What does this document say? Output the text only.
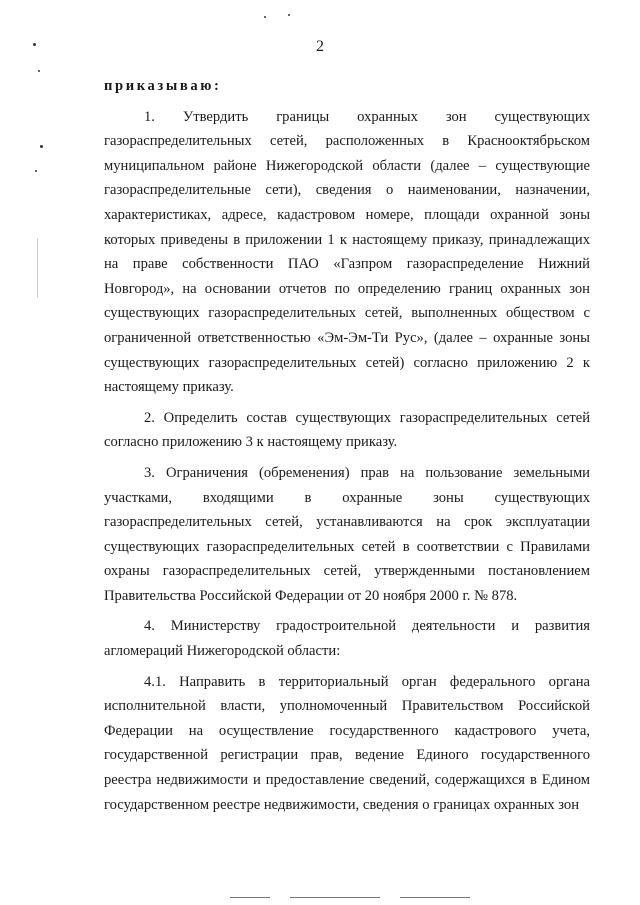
2

приказываю:

1. Утвердить границы охранных зон существующих газораспределительных сетей, расположенных в Краснооктябрьском муниципальном районе Нижегородской области (далее – существующие газораспределительные сети), сведения о наименовании, назначении, характеристиках, адресе, кадастровом номере, площади охранной зоны которых приведены в приложении 1 к настоящему приказу, принадлежащих на праве собственности ПАО «Газпром газораспределение Нижний Новгород», на основании отчетов по определению границ охранных зон существующих газораспределительных сетей, выполненных обществом с ограниченной ответственностью «Эм-Эм-Ти Рус», (далее – охранные зоны существующих газораспределительных сетей) согласно приложению 2 к настоящему приказу.

2. Определить состав существующих газораспределительных сетей согласно приложению 3 к настоящему приказу.

3. Ограничения (обременения) прав на пользование земельными участками, входящими в охранные зоны существующих газораспределительных сетей, устанавливаются на срок эксплуатации существующих газораспределительных сетей в соответствии с Правилами охраны газораспределительных сетей, утвержденными постановлением Правительства Российской Федерации от 20 ноября 2000 г. № 878.

4. Министерству градостроительной деятельности и развития агломераций Нижегородской области:

4.1. Направить в территориальный орган федерального органа исполнительной власти, уполномоченный Правительством Российской Федерации на осуществление государственного кадастрового учета, государственной регистрации прав, ведение Единого государственного реестра недвижимости и предоставление сведений, содержащихся в Едином государственном реестре недвижимости, сведения о границах охранных зон
